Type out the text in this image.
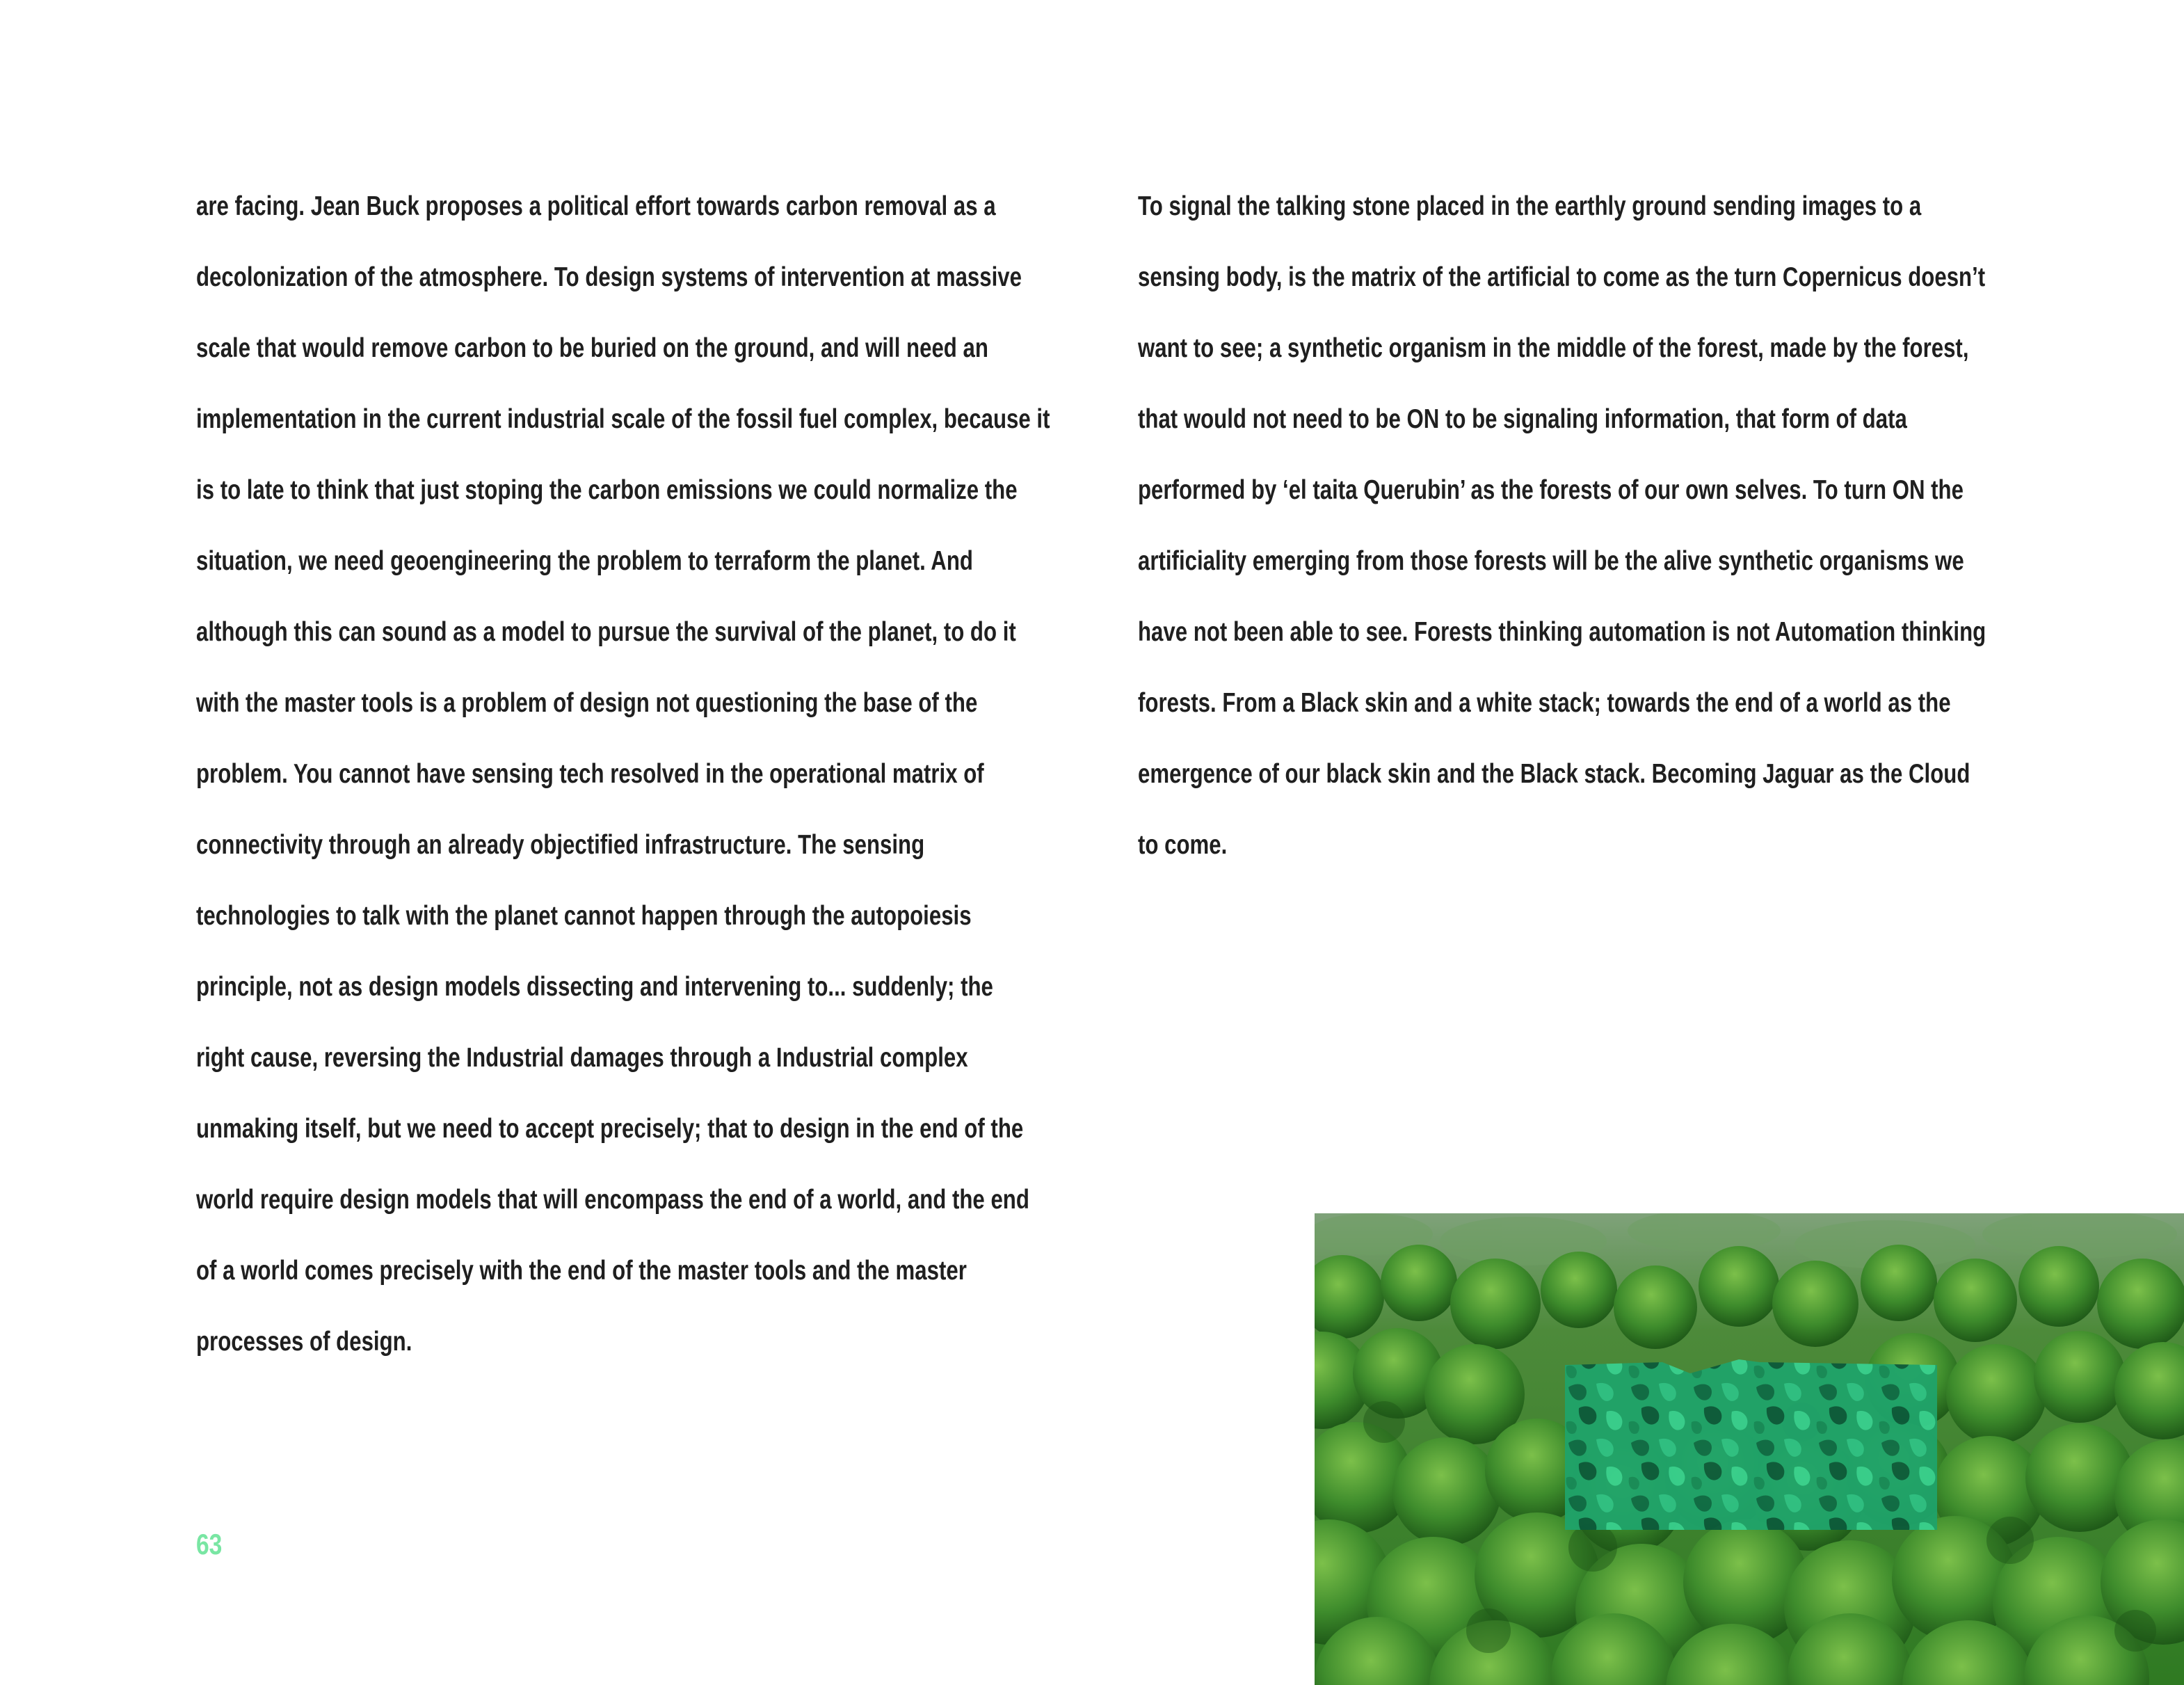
are facing. Jean Buck proposes a political effort towards carbon removal as a
decolonization of the atmosphere. To design systems of intervention at massive
scale that would remove carbon to be buried on the ground, and will need an
implementation in the current industrial scale of the fossil fuel complex, because it
is to late to think that just stoping the carbon emissions we could normalize the
situation, we need geoengineering the problem to terraform the planet. And
although this can sound as a model to pursue the survival of the planet, to do it
with the master tools is a problem of design not questioning the base of the
problem. You cannot have sensing tech resolved in the operational matrix of
connectivity through an already objectified infrastructure. The sensing
technologies to talk with the planet cannot happen through the autopoiesis
principle, not as design models dissecting and intervening to... suddenly; the
right cause, reversing the Industrial damages through a Industrial complex
unmaking itself, but we need to accept precisely; that to design in the end of the
world require design models that will encompass the end of a world, and the end
of a world comes precisely with the end of the master tools and the master
processes of design.
To signal the talking stone placed in the earthly ground sending images to a
sensing body, is the matrix of the artificial to come as the turn Copernicus doesn’t
want to see; a synthetic organism in the middle of the forest, made by the forest,
that would not need to be ON to be signaling information, that form of data
performed by ‘el taita Querubin’ as the forests of our own selves. To turn ON the
artificiality emerging from those forests will be the alive synthetic organisms we
have not been able to see. Forests thinking automation is not Automation thinking
forests. From a Black skin and a white stack; towards the end of a world as the
emergence of our black skin and the Black stack. Becoming Jaguar as the Cloud
to come.
63
